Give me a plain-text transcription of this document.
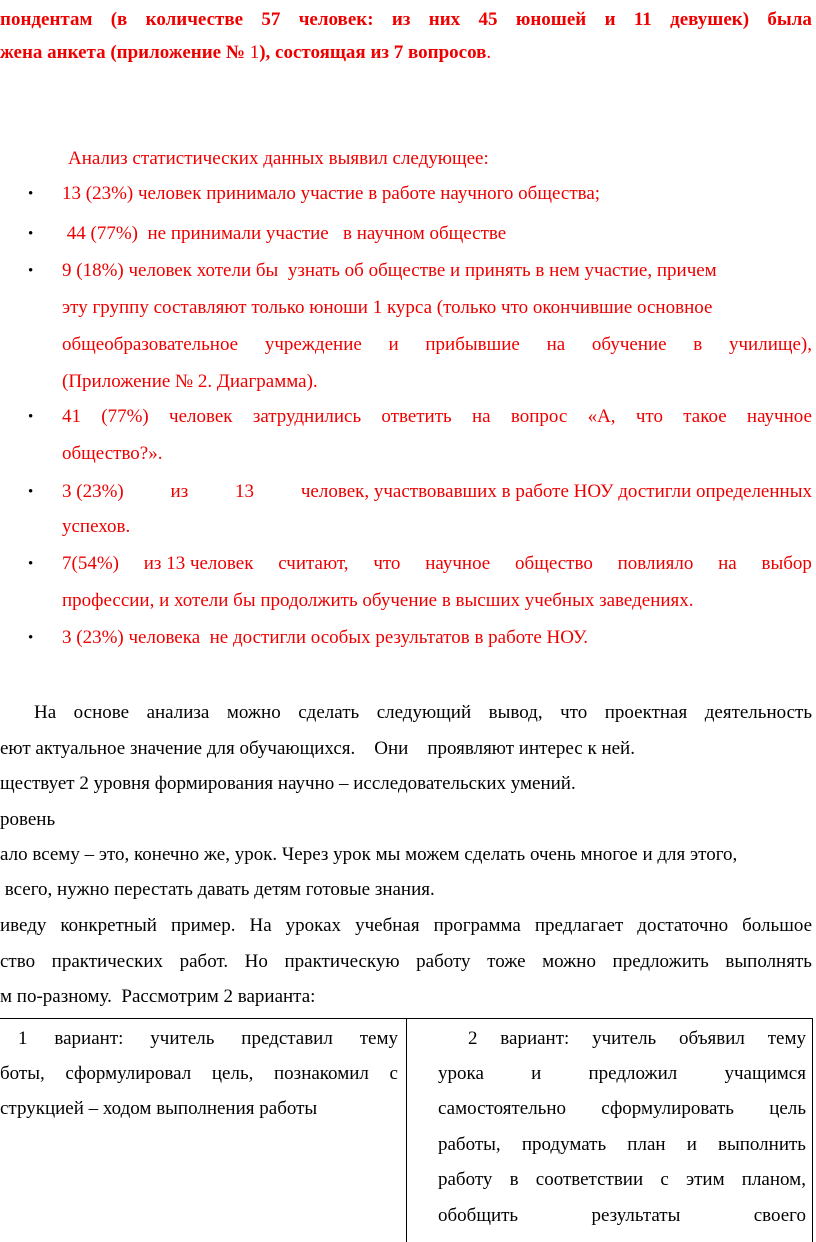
пондентам (в количестве 57 человек: из них 45 юношей и 11 девушек) была
жена анкета (приложение № 1), состоящая из 7 вопросов.
Анализ статистических данных выявил следующее:
• 13 (23%) человек принимало участие в работе научного общества;
• 44 (77%)  не принимали участие   в научном обществе
• 9 (18%) человек хотели бы  узнать об обществе и принять в нем участие, причем
эту группу составляют только юноши 1 курса (только что окончившие основное
общеобразовательное учреждение и прибывшие на обучение в училище),
(Приложение № 2. Диаграмма).
• 41 (77%) человек затруднились ответить на вопрос «А, что такое научное
общество?».
• 3 (23%) из 13 человек, участвовавших в работе НОУ достигли определенных
успехов.
• 7(54%) из 13 человек считают, что научное общество повлияло на выбор
профессии, и хотели бы продолжить обучение в высших учебных заведениях.
• 3 (23%) человека  не достигли особых результатов в работе НОУ.
На основе анализа можно сделать следующий вывод, что проектная деятельность
еют актуальное значение для обучающихся.    Они    проявляют интерес к ней.
ществует 2 уровня формирования научно – исследовательских умений.
ровень
ало всему – это, конечно же, урок. Через урок мы можем сделать очень многое и для этого,
всего, нужно перестать давать детям готовые знания.
иведу конкретный пример. На уроках учебная программа предлагает достаточно большое
ство практических работ. Но практическую работу тоже можно предложить выполнять
м по-разному.  Рассмотрим 2 варианта:
1 вариант: учитель представил тему
боты, сформулировал цель, познакомил с
струкцией – ходом выполнения работы
2 вариант: учитель объявил тему
урока и предложил учащимся
самостоятельно сформулировать цель
работы, продумать план и выполнить
работу в соответствии с этим планом,
обобщить	результаты	своего
